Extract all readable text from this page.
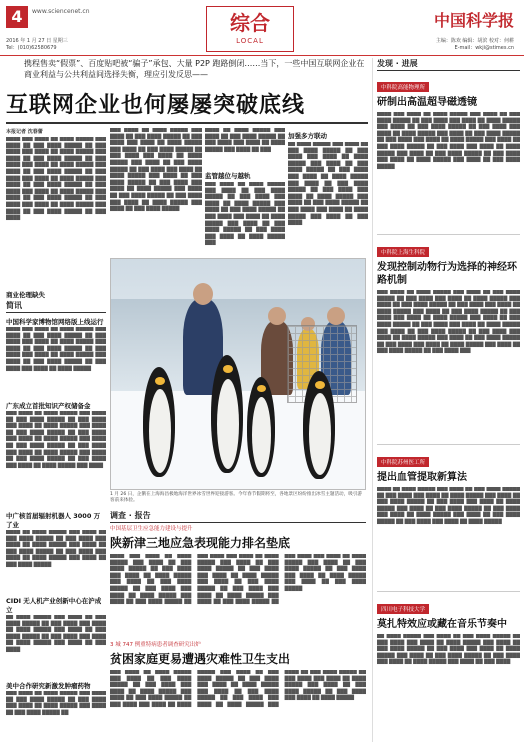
4	www.sciencenet.cn
2016 年 1 月 27 日 星期三
Tel：(010)62580679
综合
LOCAL
中国科学报
主编：陈欢 编辑：胡滨 校对：何耕
E-mail：wkji@stimes.cn
携程售卖“假票”、百度贴吧被“骗子”承包、大量 P2P 跑路倒闭……当下，一些中国互联网企业在
商业利益与公共利益间选择失衡，理应引发反思——
互联网企业也何屡屡突破底线
本报记者 沈春蕾
████ ███ ████ ██ ████ █████ ███ ████ ██ ███ ████ █████ ██ ███ ████ ███ ████ ██ ████ █████ ███ ████ ██ ███ ████ █████ ██ ███ ████ ███ ████ ██ ████ █████ ███ ████ ██ ███ ████ █████ ██ ███ ████ ███ ████ ██ ████ █████ ███ ████ ██ ███ ████ █████ ██ ███ ████ ███ ████ ██ ████ █████ ███ ████ ██ ███ ████ █████ ██ ███ ████ ███ ████ ██ ████ █████ ███ ████ ██ ███ ████ █████ ██ ███ ████
商业伦理缺失
███ ████ ██ ████ █████ ███ ████ ██ ███ ████ █████ ██ ███ ████ ███ ████ ██ ████ █████ ███ ████ ██ ███ ████ █████ ██ ███ ████ ███ ████ ██ ████ █████ ███ ████ ██ ███ ████ █████ ██ ███ ████ ███ ████ ██ ████ █████ ███ ████ ██ ███ ████ █████ ██ ███ ████ ███ ████ ██ ████ █████ ███ ████ ██ ███ ████ █████ ██ ███ ████ ███ ████ ██ ████ █████ ███ ████ ██ ███ ████ █████
████ ██ ████ █████ ███ ████ ██ ███ ████ █████ ██ ███ ████ ███ ████ ██ ████ █████ ███ ████ ██ ███
监管越位与越轨
███ ████ ██ ████ █████ ███ ████ ██ ███ ████ █████ ██ ███ ████ ███ ████ ██ ████ █████ ███ ████ ██ ███ ████ █████ ██ ███ ████ ███ ████ ██ ████ █████ ███ ████ ██ ███ ████ █████ ██ ███ ████ ███ ████ ██ ████ █████ ███
加强多方联动
██ ████ █████ ███ ████ ██ ███ ████ █████ ██ ███ ████ ███ ████ ██ ████ █████ ███ ████ ██ ███ ████ █████ ██ ███ ████ ███ ████ ██ ████ █████ ███ ████ ██ ███ ████ █████ ██ ███ ████ ███ ████ ██ ████ █████ ███ ████ ██ ███ ████ █████ ██ ███ ████ ███ ████ ██ ████ █████ ███ ████ ██ ███ ████
简讯
中国科学家博物馆网络版上线运行
████ ███ ████ ██ ████ █████ ███ ████ ██ ███ ████ █████ ██ ███ ████ ███ ████ ██ ████ █████ ███ ████ ██ ███ ████ █████ ██ ███ ████ ███ ████ ██ ████ █████ ███ ████ ██ ███ ████ █████ ██ ███ ████ ███ ████ ██ ████ █████
广东成立首批知识产权储备金
███ ████ ██ ████ █████ ███ ████ ██ ███ ████ █████ ██ ███ ████ ███ ████ ██ ████ █████ ███ ████ ██ ███ ████ █████ ██ ███ ████ ███ ████ ██ ████ █████ ███ ████ ██ ███ ████ █████ ██ ███ ████ ███ ████ ██ ████ █████ ███ ████ ██ ███ ████ █████ ██ ███ ████ ███ ████ ██ ████ █████ ███ ████
中广核首届辐射机器人 3000 万了业
████ ██ ████ █████ ███ ████ ██ ███ ████ █████ ██ ███ ████ ███ ████ ██ ████ █████ ███ ████ ██ ███ ████ █████ ██ ███ ████ ███ ████ ██ ████ █████ ███ ████ ██ ███ ████ █████
CIDI 无人机产业创新中心在沪成立
██ ████ █████ ███ ████ ██ ███ ████ █████ ██ ███ ████ ███ ████ ██ ████ █████ ███ ████ ██ ███ ████ █████ ██ ███ ████ ███ ████ ██ ████ █████ ███ ████ ██ ███ ████
美中合作研究新激发肿瘤药物
███ ████ ██ ████ █████ ███ ████ ██ ███ ████ █████ ██ ███ ████ ███ ████ ██ ████ █████ ███ ████ ██ ███ ████ █████ ██
1 月 26 日，企鹅在上海海昌极地海洋世界冰雪世界迎接游客。今年春节假期将至，各地景区纷纷推出冰雪主题活动，吸引游客前来体验。
调查 · 报告
中国基层卫生应急能力建设与提升
陕新津三地应急表现能力排名垫底
████ ███ ████ ██ ████ █████ ███ ████ ██ ███ ████ █████ ██ ███ ████ ███ ████ ██ ████ █████ ███ ████ ██ ███ ████ █████ ██ ███ ████ ███ ████ ██ ████ █████ ███ ████ ██ ███ ████ █████ ██ ███ ████ ███ ████ ██ ████ █████ ███ ████ ██ ███ ████ █████ ██ ███ ████ ███ ████ ██ ████ █████ ███ ████ ██ ███ ████ █████ ██ ███ ████ ███ ████ ██ ████ █████ ███ ████ ██ ███ ████ █████ ██ ███ ████ ███ ████ ██ ████ █████ ███ ████ ██ ███ ████ █████ ██ ███ ████ ███ ████ ██ ████ █████ ███ ████ ██ ███ ████ █████
3 城 747 例重特病患者调查研究出炉
贫困家庭更易遭遇灾难性卫生支出
███ ████ ██ ████ █████ ███ ████ ██ ███ ████ █████ ██ ███ ████ ███ ████ ██ ████ █████ ███ ████ ██ ███ ████ █████ ██ ███ ████ ███ ████ ██ ████ █████ ███ ████ ██ ███ ████ █████ ██ ███ ████ ███ ████ ██ ████ █████ ███ ████ ██ ███ ████ █████ ██ ███ ████ ███ ████ ██ ████ █████ ███ ████ ██ ███ ████ █████ ██ ███ ████ ███ ████ ██ ████ █████ ███ ████ ██ ███ ████ █████ ██ ███ ████ ███ ████ ██ ████ █████
发现 · 进展
中科院高能物理所
研制出高温超导磁透镜
████ ███ ████ ██ ████ █████ ███ ████ ██ ███ ████ █████ ██ ███ ████ ███ ████ ██ ████ █████ ███ ████ ██ ███ ████ █████ ██ ███ ████ ███ ████ ██ ████ █████ ███ ████ ██ ███ ████ █████ ██ ███ ████ ███ ████ ██ ████ █████ ███ ████ ██ ███ ████ █████ ██ ███ ████ ███ ████ ██ ████ █████ ███ ████ ██ ███ ████ █████ ██ ███ ████ ███ ████ ██ ████ █████ ███ ████ ██ ███ ████ █████
中科院上海生科院
发现控制动物行为选择的神经环路机制
███ ████ ██ ████ █████ ███ ████ ██ ███ ████ █████ ██ ███ ████ ███ ████ ██ ████ █████ ███ ████ ██ ███ ████ █████ ██ ███ ████ ███ ████ ██ ████ █████ ███ ████ ██ ███ ████ █████ ██ ███ ████ ███ ████ ██ ████ █████ ███ ████ ██ ███ ████ █████ ██ ███ ████ ███ ████ ██ ████ █████ ███ ████ ██ ███ ████ █████ ██ ███ ████ ███ ████ ██ ████ █████ ███ ████ ██ ███ ████ █████ ██ ███ ████ ███ ████ ██ ████ █████ ███ ████ ██ ███ ████ █████ ██ ███ ████ ███
中科院苏州医工所
提出血管提取新算法
████ ██ ████ █████ ███ ████ ██ ███ ████ █████ ██ ███ ████ ███ ████ ██ ████ █████ ███ ████ ██ ███ ████ █████ ██ ███ ████ ███ ████ ██ ████ █████ ███ ████ ██ ███ ████ █████ ██ ███ ████ ███ ████ ██ ████ █████ ███ ████ ██ ███ ████ █████ ██ ███ ████ ███ ████ ██ ████ █████
四川电子科技大学
莫扎特效应或藏在音乐节奏中
██ ████ █████ ███ ████ ██ ███ ████ █████ ██ ███ ████ ███ ████ ██ ████ █████ ███ ████ ██ ███ ████ █████ ██ ███ ████ ███ ████ ██ ████ █████ ███ ████ ██ ███ ████ █████ ██ ███ ████ ███ ████ ██ ████ █████ ███ ████ ██ ███ ████
